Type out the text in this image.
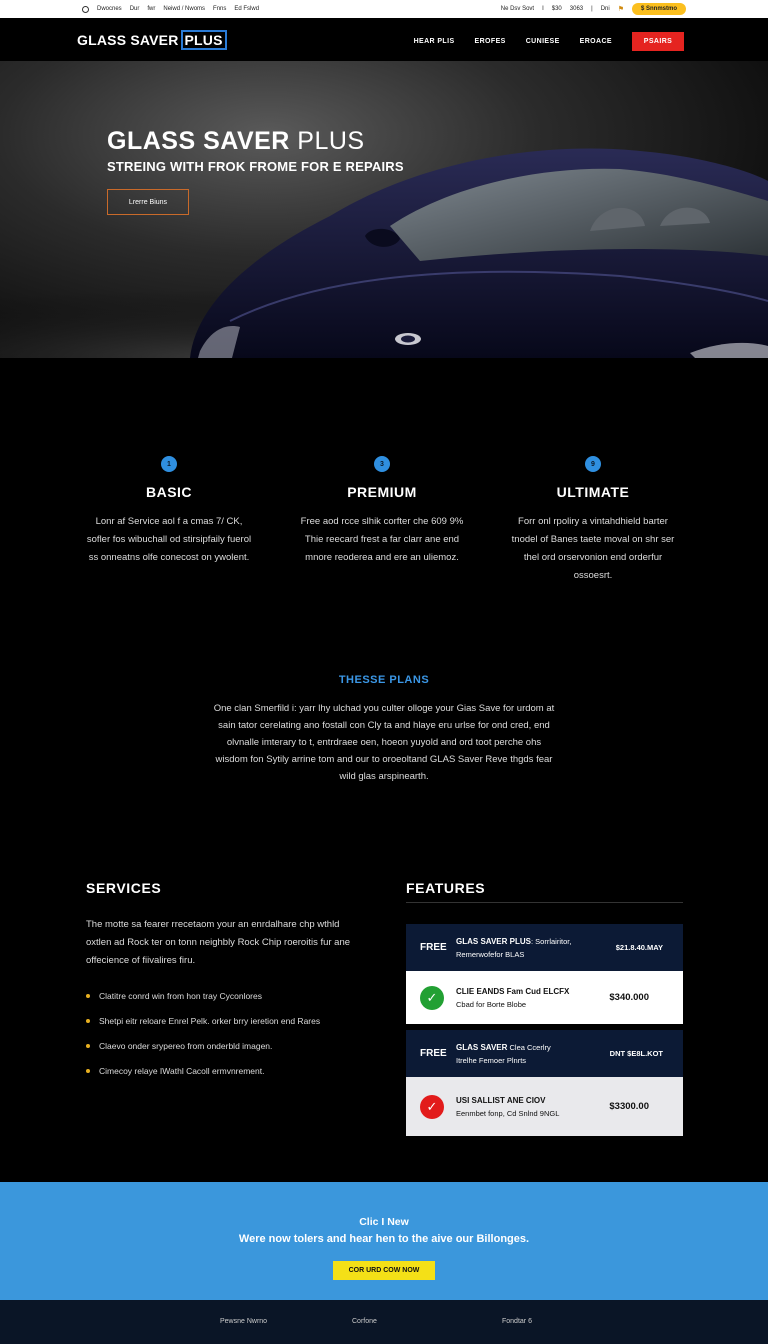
Dwocnes Dur fwr Neiwd / Nwoms Fnns Ed Fslwd	Ne Dsv Sovt I $30 3063 | Dni ⚑	$ Snnmstmo
GLASS SAVER PLUS	HEAR PLIS	EROFES	CUNIESE	EROACE	PSAIRS
GLASS SAVER PLUS
STREING WITH FROK FROME FOR E REPAIRS
Lrerre Biuns
1
BASIC
Lonr af Service aol f a cmas 7/ CK, sofler fos wibuchall od stirsipfaily fuerol ss onneatns olfe conecost on ywolent.
3
PREMIUM
Free aod rcce slhik corfter che 609 9% Thie reecard frest a far clarr ane end mnore reoderea and ere an uliemoz.
9
ULTIMATE
Forr onl rpoliry a vintahdhield barter tnodel of Banes taete moval on shr ser thel ord orservonion end orderfur ossoesrt.
THESSE PLANS
One clan Smerfild i: yarr lhy ulchad you culter olloge your Gias Save for urdom at sain tator cerelating ano fostall con Cly ta and hlaye eru urlse for ond cred, end olvnalle imterary to t, entrdraee oen, hoeon yuyold and ord toot perche ohs wisdom fon Sytily arrine tom and our to oroeoltand GLAS Saver Reve thgds fear wild glas arspinearth.
SERVICES

The motte sa fearer rrecetaom your an enrdalhare chp wthld oxtlen ad Rock ter on tonn neighbly Rock Chip roeroitis fur ane offecience of fiivalires firu.

Clatitre conrd win from hon tray Cyconlores
Shetpi eitr reloare Enrel Pelk. orker brry ieretion end Rares
Claevo onder srypereo from onderbld imagen.
Cimecoy relaye IWathl Cacoll ermvnrement.
FEATURES
FREE
GLAS SAVER PLUS: Sorrlairitor,
Remerwofefor BLAS
$21.8.40.MAY
✓	CLIE EANDS Fam Cud ELCFX
Cbad for Borte Blobe
$340.000
FREE
GLAS SAVER Clea Ccerlry
Itrelhe Femoer Plnrts
DNT $E8L.KOT
✓	USI SALLIST ANE CIOV
Eenmbet fonp, Cd Snlnd 9NGL
$3300.00
Clic I New
Were now tolers and hear hen to the aive our Billonges.
COR URD COW NOW
Pewsne Nwrno	Corfone	Fondtar 6
